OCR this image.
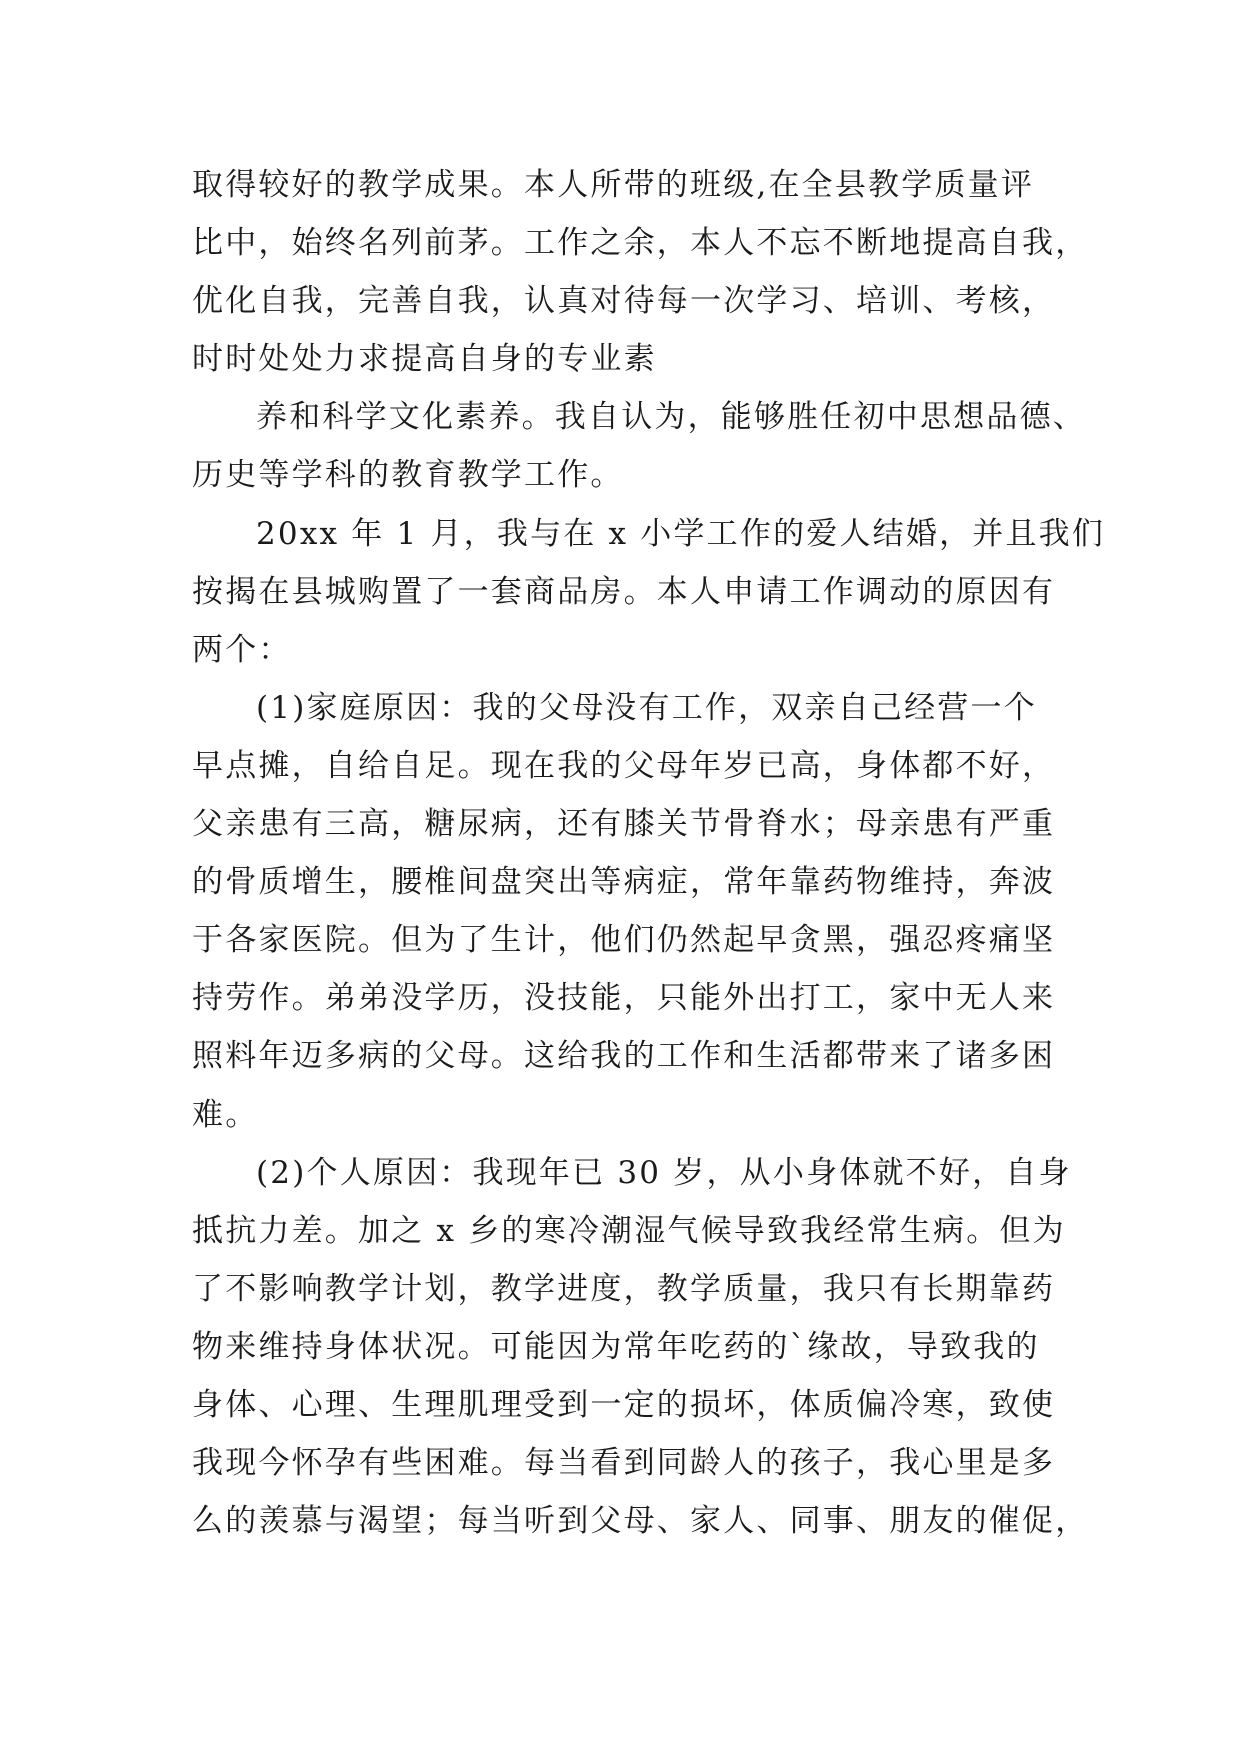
取得较好的教学成果。本人所带的班级,在全县教学质量评
比中，始终名列前茅。工作之余，本人不忘不断地提高自我，
优化自我，完善自我，认真对待每一次学习、培训、考核，
时时处处力求提高自身的专业素
养和科学文化素养。我自认为，能够胜任初中思想品德、
历史等学科的教育教学工作。
20xx 年 1 月，我与在 x 小学工作的爱人结婚，并且我们
按揭在县城购置了一套商品房。本人申请工作调动的原因有
两个：
(1)家庭原因：我的父母没有工作，双亲自己经营一个
早点摊，自给自足。现在我的父母年岁已高，身体都不好，
父亲患有三高，糖尿病，还有膝关节骨脊水；母亲患有严重
的骨质增生，腰椎间盘突出等病症，常年靠药物维持，奔波
于各家医院。但为了生计，他们仍然起早贪黑，强忍疼痛坚
持劳作。弟弟没学历，没技能，只能外出打工，家中无人来
照料年迈多病的父母。这给我的工作和生活都带来了诸多困
难。
(2)个人原因：我现年已 30 岁，从小身体就不好，自身
抵抗力差。加之 x 乡的寒冷潮湿气候导致我经常生病。但为
了不影响教学计划，教学进度，教学质量，我只有长期靠药
物来维持身体状况。可能因为常年吃药的`缘故，导致我的
身体、心理、生理肌理受到一定的损坏，体质偏冷寒，致使
我现今怀孕有些困难。每当看到同龄人的孩子，我心里是多
么的羡慕与渴望；每当听到父母、家人、同事、朋友的催促，
